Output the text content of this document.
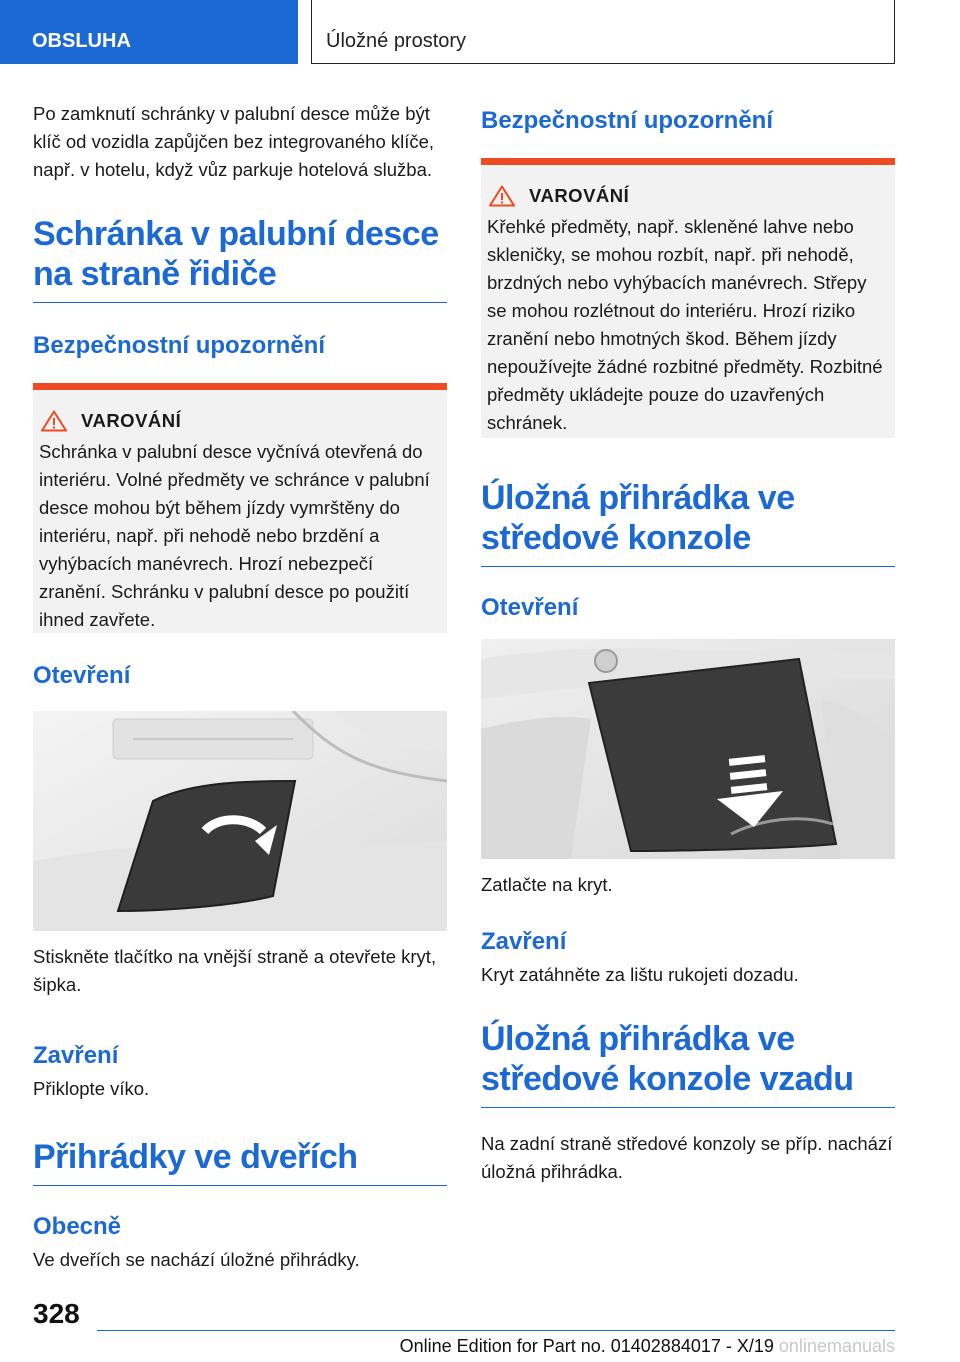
OBSLUHA	Úložné prostory

Po zamknutí schránky v palubní desce může být klíč od vozidla zapůjčen bez integrovaného klíče, např. v hotelu, když vůz parkuje hotelová služba.

Schránka v palubní desce na straně řidiče
Bezpečnostní upozornění
VAROVÁNÍ

Schránka v palubní desce vyčnívá otevřená do interiéru. Volné předměty ve schránce v palubní desce mohou být během jízdy vymrštěny do interiéru, např. při nehodě nebo brzdění a vyhýbacích manévrech. Hrozí nebezpečí zranění. Schránku v palubní desce po použití ihned zavřete.

Otevření

Stiskněte tlačítko na vnější straně a otevřete kryt, šipka.

Zavření

Přiklopte víko.

Přihrádky ve dveřích
Obecně

Ve dveřích se nachází úložné přihrádky.

Bezpečnostní upozornění
VAROVÁNÍ

Křehké předměty, např. skleněné lahve nebo skleničky, se mohou rozbít, např. při nehodě, brzdných nebo vyhýbacích manévrech. Střepy se mohou rozlétnout do interiéru. Hrozí riziko zranění nebo hmotných škod. Během jízdy nepoužívejte žádné rozbitné předměty. Rozbitné předměty ukládejte pouze do uzavřených schránek.

Úložná přihrádka ve středové konzole
Otevření

Zatlačte na kryt.

Zavření

Kryt zatáhněte za lištu rukojeti dozadu.

Úložná přihrádka ve středové konzole vzadu

Na zadní straně středové konzoly se příp. nachází úložná přihrádka.

328
Online Edition for Part no. 01402884017 - X/19 onlinemanuals
